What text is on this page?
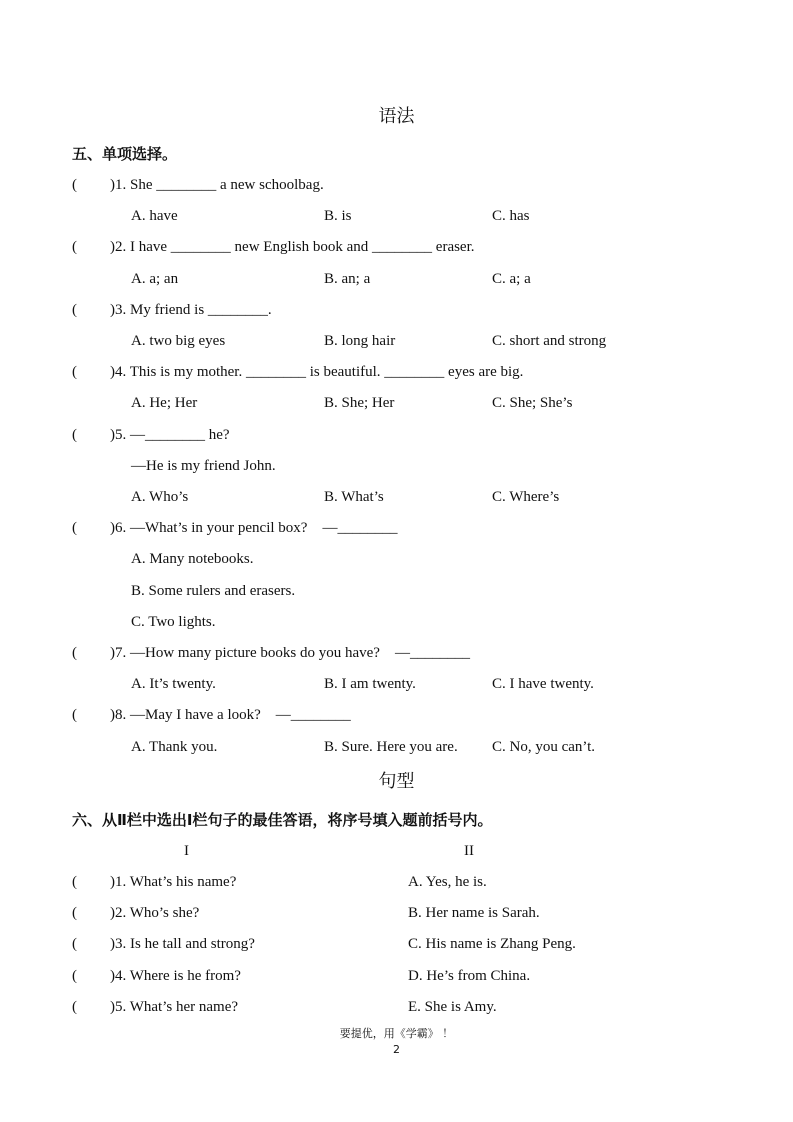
语法
五、单项选择。
( )1. She ________ a new schoolbag.
A. have	B. is	C. has
( )2. I have ________ new English book and ________ eraser.
A. a; an	B. an; a	C. a; a
( )3. My friend is ________.
A. two big eyes	B. long hair	C. short and strong
( )4. This is my mother. ________ is beautiful. ________ eyes are big.
A. He; Her	B. She; Her	C. She; She’s
( )5. —________ he?
—He is my friend John.
A. Who’s	B. What’s	C. Where’s
( )6. —What’s in your pencil box?    —________
A. Many notebooks.
B. Some rulers and erasers.
C. Two lights.
( )7. —How many picture books do you have?    —________
A. It’s twenty.	B. I am twenty.	C. I have twenty.
( )8. —May I have a look?    —________
A. Thank you.	B. Sure. Here you are. C. No, you can’t.
句型
六、从Ⅱ栏中选出Ⅰ栏句子的最佳答语，将序号填入题前括号内。
I	II
( )1. What’s his name?	A. Yes, he is.
( )2. Who’s she?	B. Her name is Sarah.
( )3. Is he tall and strong?	C. His name is Zhang Peng.
( )4. Where is he from?	D. He’s from China.
( )5. What’s her name?	E. She is Amy.
要提优，用《学霸》 ！
2
